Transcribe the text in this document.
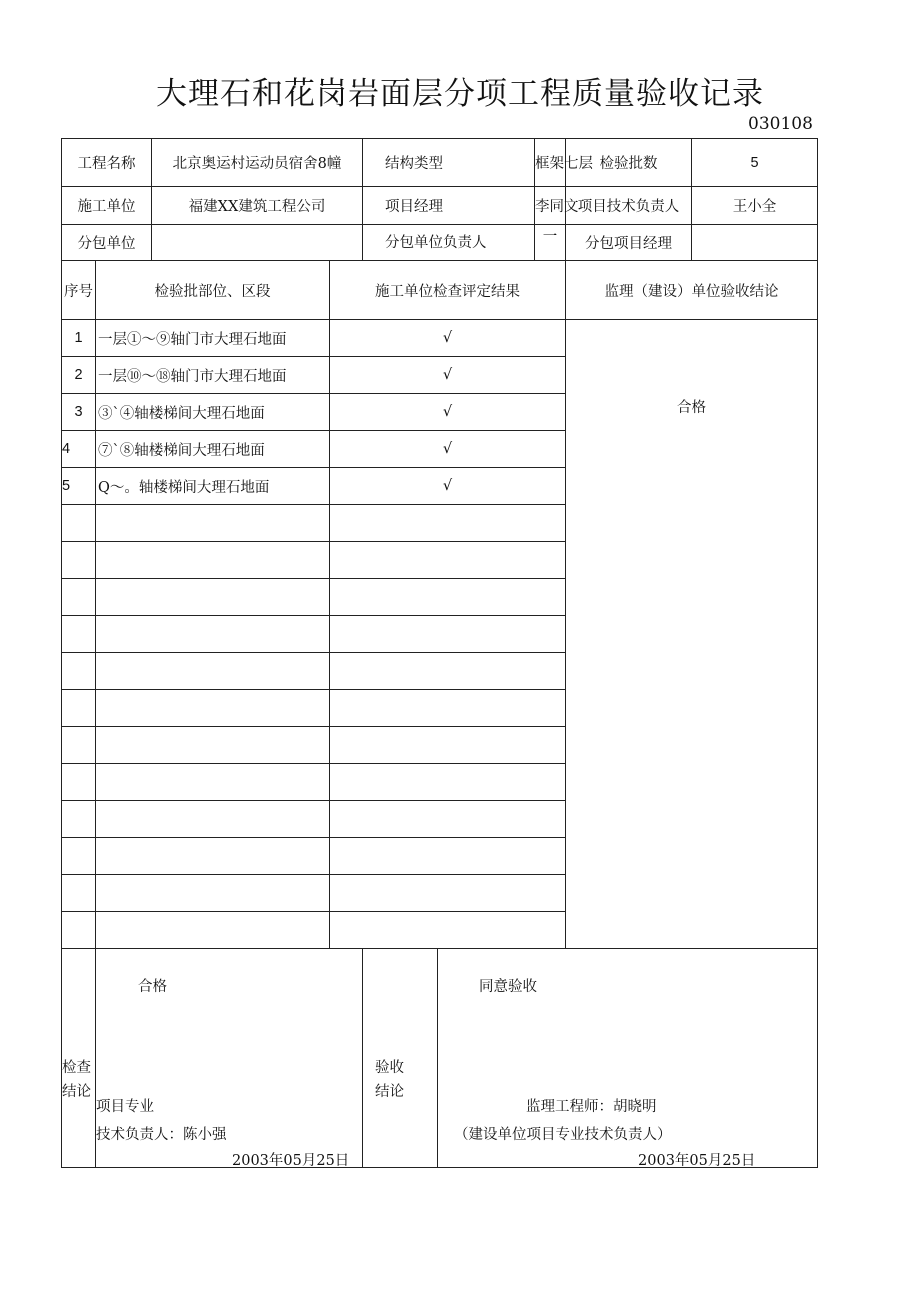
大理石和花岗岩面层分项工程质量验收记录
030108
工程名称		北京奥运村运动员宿舍8幢		结构类型		框架七层	检验批数	5
施工单位		福建XX建筑工程公司		项目经理		李同文	项目技术负责人	王小全
分包单位				分包单位负责人		一	分包项目经理	
序号	检验批部位、区段		施工单位检查评定结果				监理（建设）单位验收结论	
1	一层①～⑨轴门市大理石地面		√				合格	
2	一层⑩～⑱轴门市大理石地面		√					
3	③`④轴楼梯间大理石地面		√					
4	⑦`⑧轴楼梯间大理石地面		√					
5	Q～。轴楼梯间大理石地面		√					

检查结论	合格
项目专业
技术负责人：陈小强
2003年05月25日			验收结论	同意验收
监理工程师：胡晓明
（建设单位项目专业技术负责人）
2003年05月25日			
